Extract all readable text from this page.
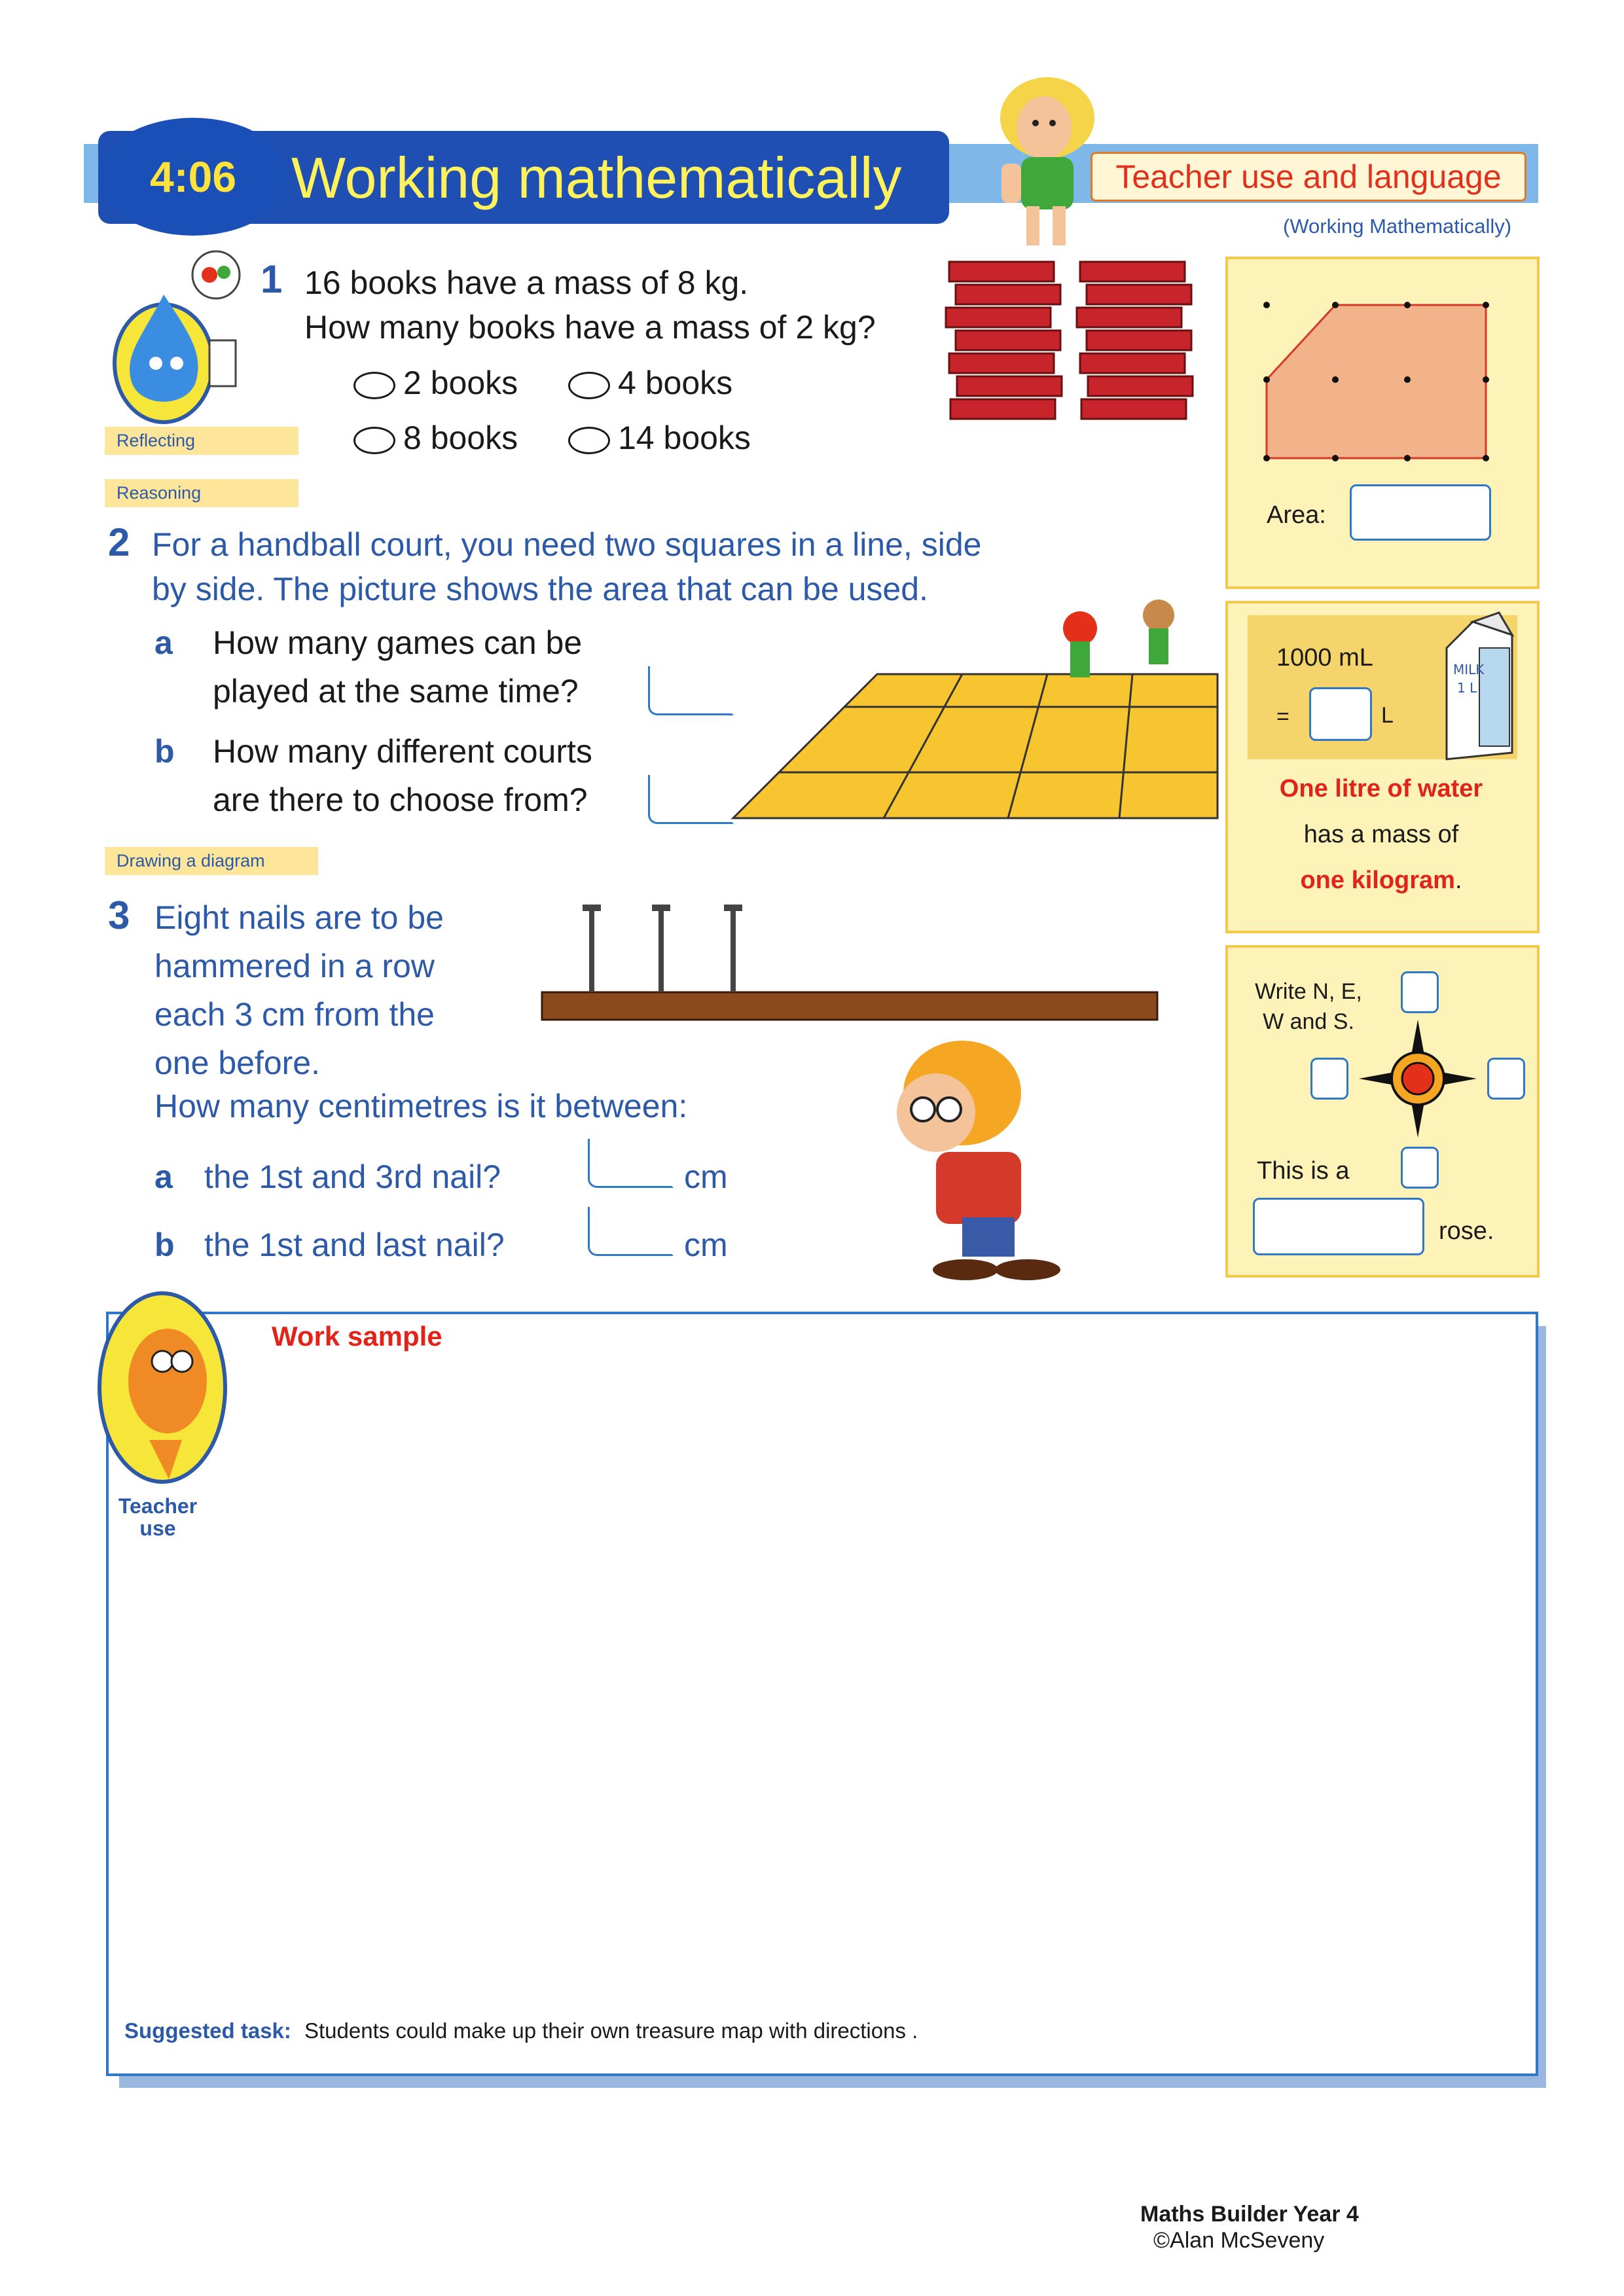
4:06 Working mathematically	Teacher use and language
(Working Mathematically)
Reflecting
Reasoning
1 16 books have a mass of 8 kg.
How many books have a mass of 2 kg?
2 books	4 books
8 books	14 books
2 For a handball court, you need two squares in a line, side
by side. The picture shows the area that can be used.
a How many games can be
played at the same time?
b How many different courts
are there to choose from?
Drawing a diagram
3 Eight nails are to be
hammered in a row
each 3 cm from the
one before.
How many centimetres is it between:
a the 1st and 3rd nail?	cm
b the 1st and last nail?	cm
Area:
1000 mL
=	L
MILK
1 L
One litre of water
has a mass of
one kilogram.
Write N, E,
W and S.
This is a
rose.
Teacher
use
Work sample
Suggested task: Students could make up their own treasure map with directions .
Maths Builder Year 4
©Alan McSeveny
